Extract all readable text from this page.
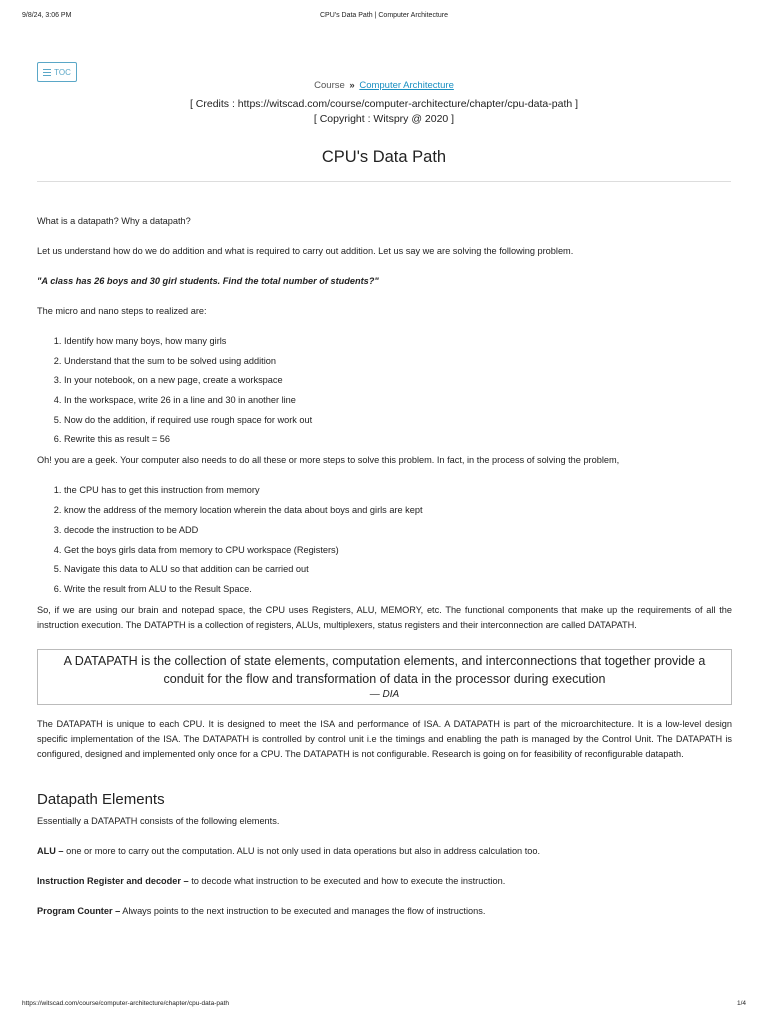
9/8/24, 3:06 PM	CPU's Data Path | Computer Architecture
TOC
Course » Computer Architecture
[ Credits : https://witscad.com/course/computer-architecture/chapter/cpu-data-path ]
[ Copyright : Witspry @ 2020 ]
CPU's Data Path

What is a datapath? Why a datapath?

Let us understand how do we do addition and what is required to carry out addition. Let us say we are solving the following problem.

"A class has 26 boys and 30 girl students. Find the total number of students?"

The micro and nano steps to realized are:

1. Identify how many boys, how many girls
2. Understand that the sum to be solved using addition
3. In your notebook, on a new page, create a workspace
4. In the workspace, write 26 in a line and 30 in another line
5. Now do the addition, if required use rough space for work out
6. Rewrite this as result = 56

Oh! you are a geek. Your computer also needs to do all these or more steps to solve this problem. In fact, in the process of solving the problem,

1. the CPU has to get this instruction from memory
2. know the address of the memory location wherein the data about boys and girls are kept
3. decode the instruction to be ADD
4. Get the boys girls data from memory to CPU workspace (Registers)
5. Navigate this data to ALU so that addition can be carried out
6. Write the result from ALU to the Result Space.

So, if we are using our brain and notepad space, the CPU uses Registers, ALU, MEMORY, etc. The functional components that make up the requirements of all the instruction execution. The DATAPTH is a collection of registers, ALUs, multiplexers, status registers and their interconnection are called DATAPATH.

A DATAPATH is the collection of state elements, computation elements, and interconnections that together provide a conduit for the flow and transformation of data in the processor during execution
— DIA

The DATAPATH is unique to each CPU. It is designed to meet the ISA and performance of ISA. A DATAPATH is part of the microarchitecture. It is a low-level design specific implementation of the ISA. The DATAPATH is controlled by control unit i.e the timings and enabling the path is managed by the Control Unit. The DATAPATH is configured, designed and implemented only once for a CPU. The DATAPATH is not configurable. Research is going on for feasibility of reconfigurable datapath.

Datapath Elements

Essentially a DATAPATH consists of the following elements.

ALU – one or more to carry out the computation. ALU is not only used in data operations but also in address calculation too.

Instruction Register and decoder – to decode what instruction to be executed and how to execute the instruction.

Program Counter – Always points to the next instruction to be executed and manages the flow of instructions.

https://witscad.com/course/computer-architecture/chapter/cpu-data-path	1/4
